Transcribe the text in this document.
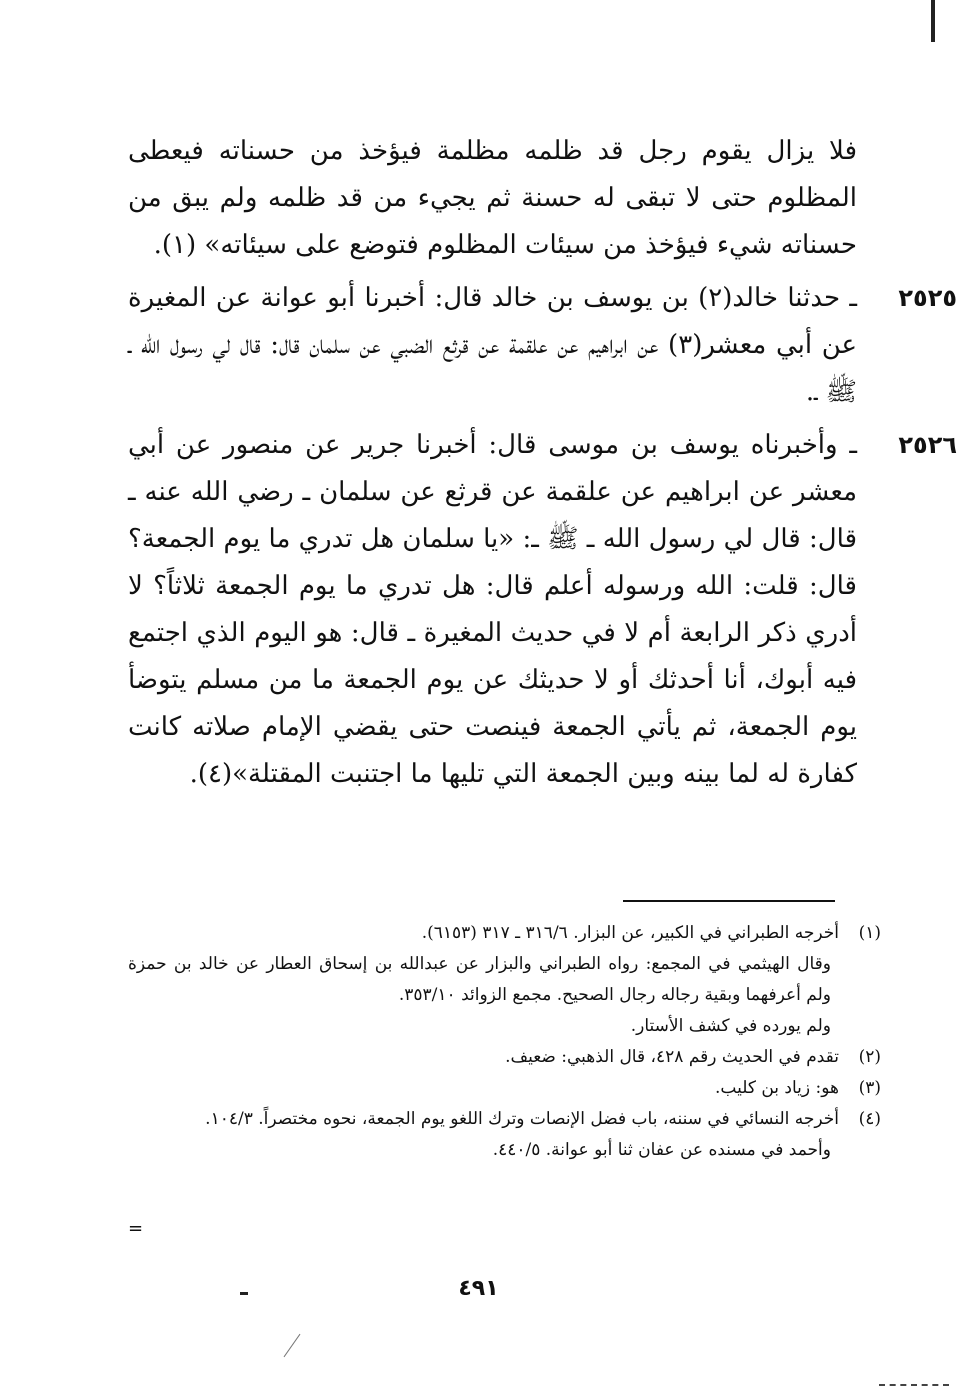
فلا يزال يقوم رجل قد ظلمه مظلمة فيؤخذ من حسناته فيعطى المظلوم حتى لا تبقى له حسنة ثم يجيء من قد ظلمه ولم يبق من حسناته شيء فيؤخذ من سيئات المظلوم فتوضع على سيئاته» (١).

٢٥٢٥
ـ حدثنا خالد(٢) بن يوسف بن خالد قال: أخبرنا أبو عوانة عن المغيرة عن أبي معشر(٣) عن ابراهيم عن علقمة عن قرثع الضبي عن سلمان قال: قال لي رسول الله ـ ﷺ ـ.
٢٥٢٦
ـ وأخبرناه يوسف بن موسى قال: أخبرنا جرير عن منصور عن أبي معشر عن ابراهيم عن علقمة عن قرثع عن سلمان ـ رضي الله عنه ـ قال: قال لي رسول الله ـ ﷺ ـ: «يا سلمان هل تدري ما يوم الجمعة؟ قال: قلت: الله ورسوله أعلم قال: هل تدري ما يوم الجمعة ثلاثاً؟ لا أدري ذكر الرابعة أم لا في حديث المغيرة ـ قال: هو اليوم الذي اجتمع فيه أبوك، أنا أحدثك أو لا حديثك عن يوم الجمعة ما من مسلم يتوضأ يوم الجمعة، ثم يأتي الجمعة فينصت حتى يقضي الإمام صلاته كانت كفارة له لما بينه وبين الجمعة التي تليها ما اجتنبت المقتلة»(٤).
(١)

أخرجه الطبراني في الكبير، عن البزار. ٣١٦/٦ ـ ٣١٧ (٦١٥٣).

وقال الهيثمي في المجمع: رواه الطبراني والبزار عن عبدالله بن إسحاق العطار عن خالد بن حمزة ولم أعرفهما وبقية رجاله رجال الصحيح. مجمع الزوائد ٣٥٣/١٠.

ولم يورده في كشف الأستار.

(٢)

تقدم في الحديث رقم ٤٢٨، قال الذهبي: ضعيف.

(٣)

هو: زياد بن كليب.

(٤)

أخرجه النسائي في سننه، باب فضل الإنصات وترك اللغو يوم الجمعة، نحوه مختصراً. ١٠٤/٣.

وأحمد في مسنده عن عفان ثنا أبو عوانة. ٤٤٠/٥.

=
٤٩١
